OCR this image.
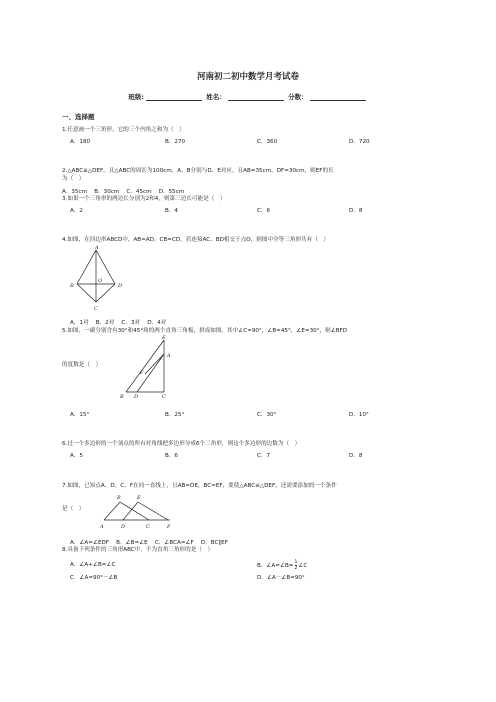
河南初二初中数学月考试卷
班级:	姓名：	分数：
一、选择题
1.任意画一个三角形，它的三个内角之和为（　）
A．180	B．270	C．360	D．720
2.△ABC≌△DEF，且△ABC的周长为100cm，A、B分别与D、E对应，且AB=35cm，DF=30cm，则EF的长
为（　）
A．35cm B．30cm C．45cm D．55cm
3.如果一个三角形的两边长分别为2和4，则第三边长可能是（　）
A．2	B．4	C．6	D．8
4.如图，在四边形ABCD中，AB=AD，CB=CD，若连接AC、BD相交于点O，则图中全等三角形共有（　）
A
B
O
D
C
A．1对 B．2对 C．3对 D．4对
5.如图，一副分别含有30°和45°角的两个直角三角板，拼成如图，其中∠C=90°，∠B=45°，∠E=30°，则∠BFD
E
A
F
B D	C
的度数是（　）
A．15°	B．25°	C．30°	D．10°
6.过一个多边形的一个顶点的所有对角线把多边形分成6个三角形，则这个多边形的边数为（　）
A．5	B．6	C．7	D．8
7.如图，已知点A、D、C、F在同一直线上，且AB=DE，BC=EF，要使△ABC≌△DEF，还需要添加的一个条件
B	E
A	D	C	F
是（　）
A．∠A=∠EDF B．∠B=∠E C．∠BCA=∠F D．BC∥EF
8.具备下列条件的三角形ABC中，不为直角三角形的是（　）
A．∠A+∠B=∠C	B．∠A=∠B= $\frac{1}{2}$ ∠C
C．∠A=90°－∠B	D．∠A－∠B=90°
